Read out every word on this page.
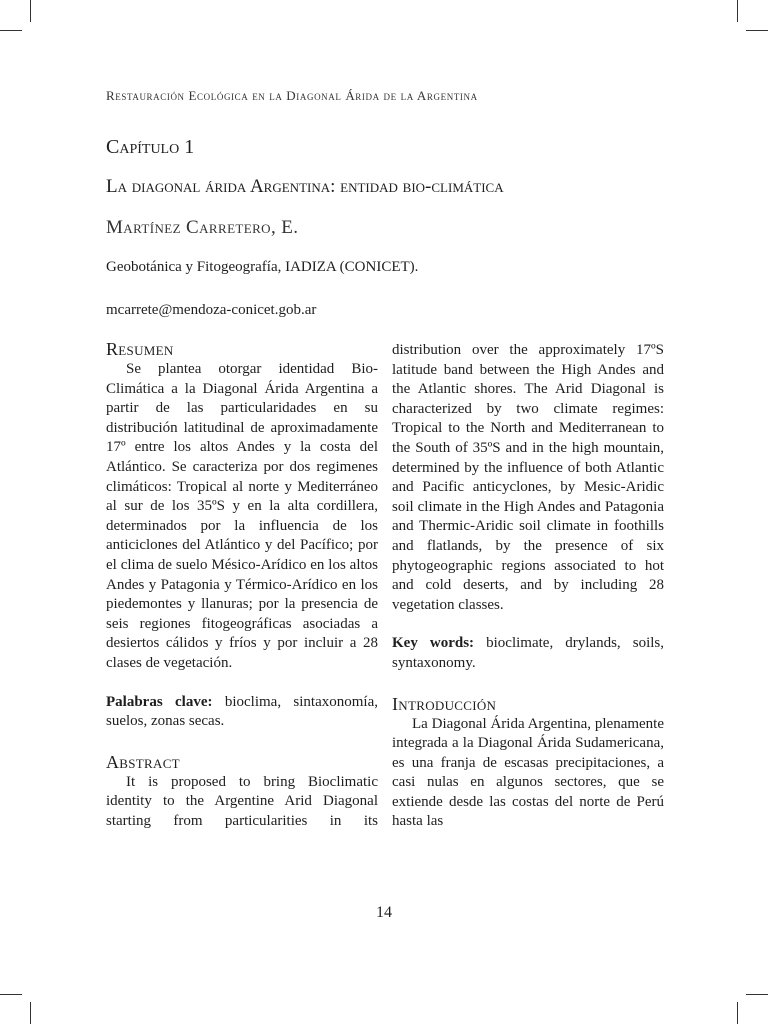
Restauración Ecológica en la Diagonal Árida de la Argentina
Capítulo 1
La diagonal árida Argentina: entidad bio-climática
Martínez Carretero, E.
Geobotánica y Fitogeografía, IADIZA (CONICET).
mcarrete@mendoza-conicet.gob.ar
Resumen

Se plantea otorgar identidad Bio-Climática a la Diagonal Árida Argentina a partir de las particularidades en su distribución latitudinal de aproximadamente 17º entre los altos Andes y la costa del Atlántico. Se caracteriza por dos regimenes climáticos: Tropical al norte y Mediterráneo al sur de los 35ºS y en la alta cordillera, determinados por la influencia de los anticiclones del Atlántico y del Pacífico; por el clima de suelo Mésico-Arídico en los altos Andes y Patagonia y Térmico-Arídico en los piedemontes y llanuras; por la presencia de seis regiones fitogeográficas asociadas a desiertos cálidos y fríos y por incluir a 28 clases de vegetación.

Palabras clave: bioclima, sintaxonomía, suelos, zonas secas.

Abstract

It is proposed to bring Bioclimatic identity to the Argentine Arid Diagonal starting from particularities in its

distribution over the approximately 17ºS latitude band between the High Andes and the Atlantic shores. The Arid Diagonal is characterized by two climate regimes: Tropical to the North and Mediterranean to the South of 35ºS and in the high mountain, determined by the influence of both Atlantic and Pacific anticyclones, by Mesic-Aridic soil climate in the High Andes and Patagonia and Thermic-Aridic soil climate in foothills and flatlands, by the presence of six phytogeographic regions associated to hot and cold deserts, and by including 28 vegetation classes.

Key words: bioclimate, drylands, soils, syntaxonomy.

Introducción

La Diagonal Árida Argentina, plenamente integrada a la Diagonal Árida Sudamericana, es una franja de escasas precipitaciones, a casi nulas en algunos sectores, que se extiende desde las costas del norte de Perú hasta las

14
